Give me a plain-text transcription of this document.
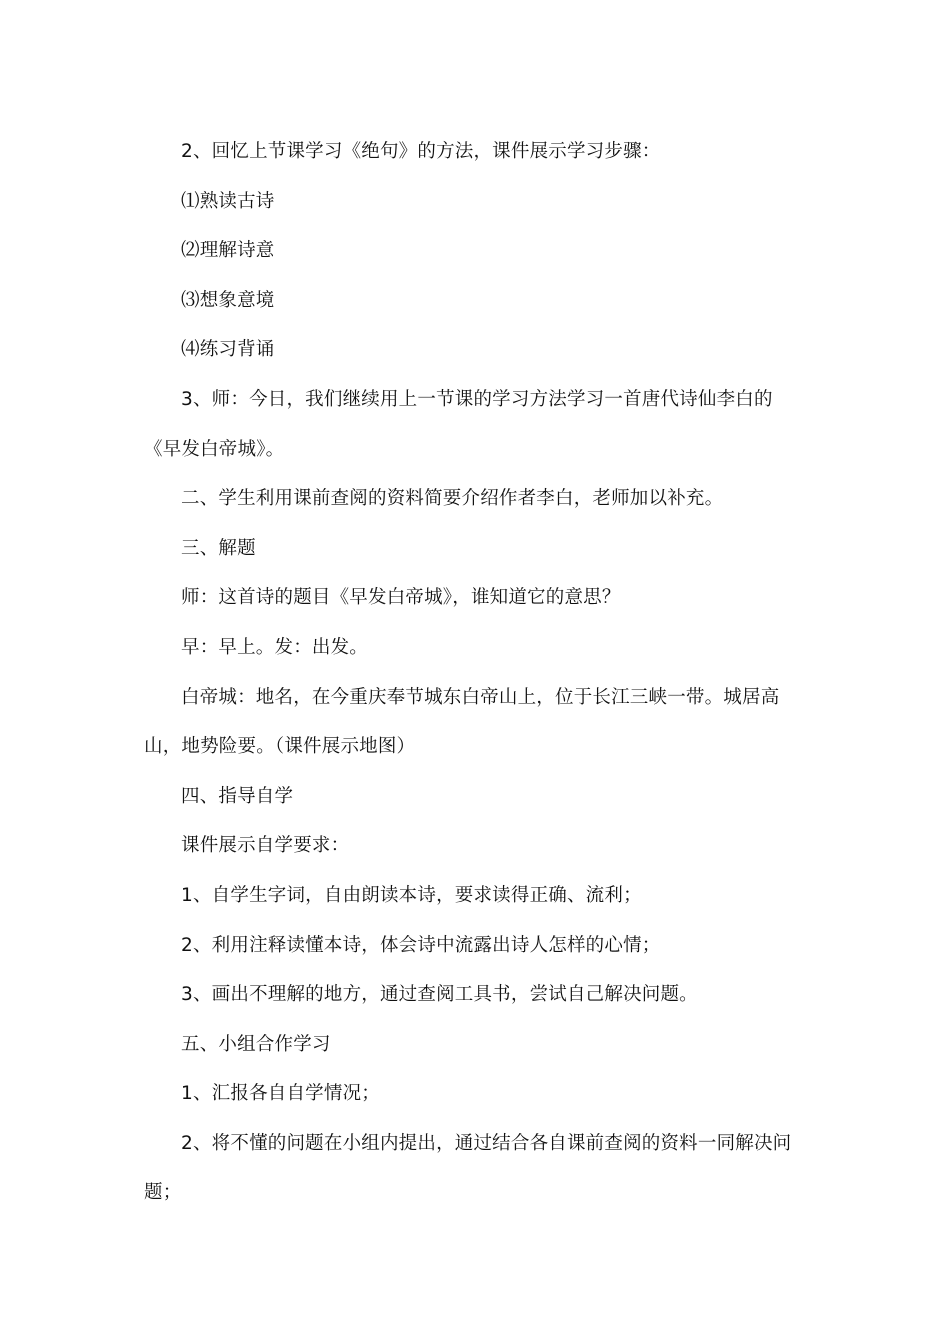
2、回忆上节课学习《绝句》的方法，课件展示学习步骤：

⑴熟读古诗

⑵理解诗意

⑶想象意境

⑷练习背诵

3、师：今日，我们继续用上一节课的学习方法学习一首唐代诗仙李白的《早发白帝城》。

二、学生利用课前查阅的资料简要介绍作者李白，老师加以补充。

三、解题

师：这首诗的题目《早发白帝城》，谁知道它的意思？

早：早上。发：出发。

白帝城：地名，在今重庆奉节城东白帝山上，位于长江三峡一带。城居高山，地势险要。（课件展示地图）

四、指导自学

课件展示自学要求：

1、自学生字词，自由朗读本诗，要求读得正确、流利；

2、利用注释读懂本诗，体会诗中流露出诗人怎样的心情；

3、画出不理解的地方，通过查阅工具书，尝试自己解决问题。

五、小组合作学习

1、汇报各自自学情况；

2、将不懂的问题在小组内提出，通过结合各自课前查阅的资料一同解决问题；
